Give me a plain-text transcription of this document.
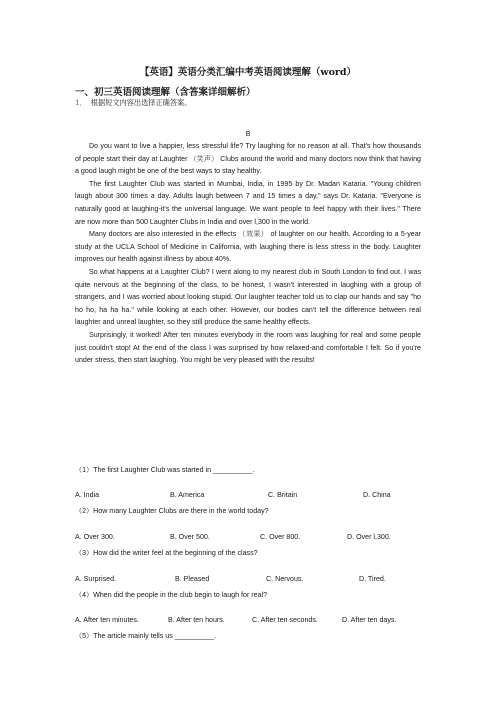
【英语】英语分类汇编中考英语阅读理解（word）
一、初三英语阅读理解（含答案详细解析）
1． 根据短文内容出选择正确答案。
B

Do you want to live a happier, less stressful life? Try laughing for no reason at all. That's how thousands of people start their day at Laughter （笑声） Clubs around the world and many doctors now think that having a good laugh might be one of the best ways to stay healthy.

The first Laughter Club was started in Mumbai, India, in 1995 by Dr. Madan Kataria. "Young children laugh about 300 times a day. Adults laugh between 7 and 15 times a day," says Dr. Kataria. "Everyone is naturally good at laughing-it's the universal language. We want people to feel happy with their lives." There are now more than 500 Laughter Clubs in India and over l,300 in the world.

Many doctors are also interested in the effects （效果） of laughter on our health. According to a 5-year study at the UCLA School of Medicine in California, with laughing there is less stress in the body. Laughter improves our health against illness by about 40%.

So what happens at a Laughter Club? I went along to my nearest club in South London to find out. I was quite nervous at the beginning of the class, to be honest, I wasn't interested in laughing with a group of strangers, and I was worried about looking stupid. Our laughter teacher told us to clap our hands and say "ho ho ho, ha ha ha." while looking at each other. However, our bodies can't tell the difference between real laughter and unreal laughter, so they still produce the same healthy effects.

Surprisingly, it worked! After ten minutes everybody in the room was laughing for real and some people just couldn't stop! At the end of the class I was surprised by how relaxed-and comfortable I felt. So if you're under stress, then start laughing. You might be very pleased with the results!

（1）The first Laughter Club was started in __________.
A. India	B. America	C. Britain	D. China
（2）How many Laughter Clubs are there in the world today?
A. Over 300.	B. Over 500.	C. Over 800.	D. Over l,300.
（3）How did the writer feel at the beginning of the class?
A. Surprised.	B. Pleased	C. Nervous.	D. Tired.
（4）When did the people in the club begin to laugh for real?
A. After ten minutes.	B. After ten hours.	C. After ten seconds.	D. After ten days.
（5）The article mainly tells us __________.
